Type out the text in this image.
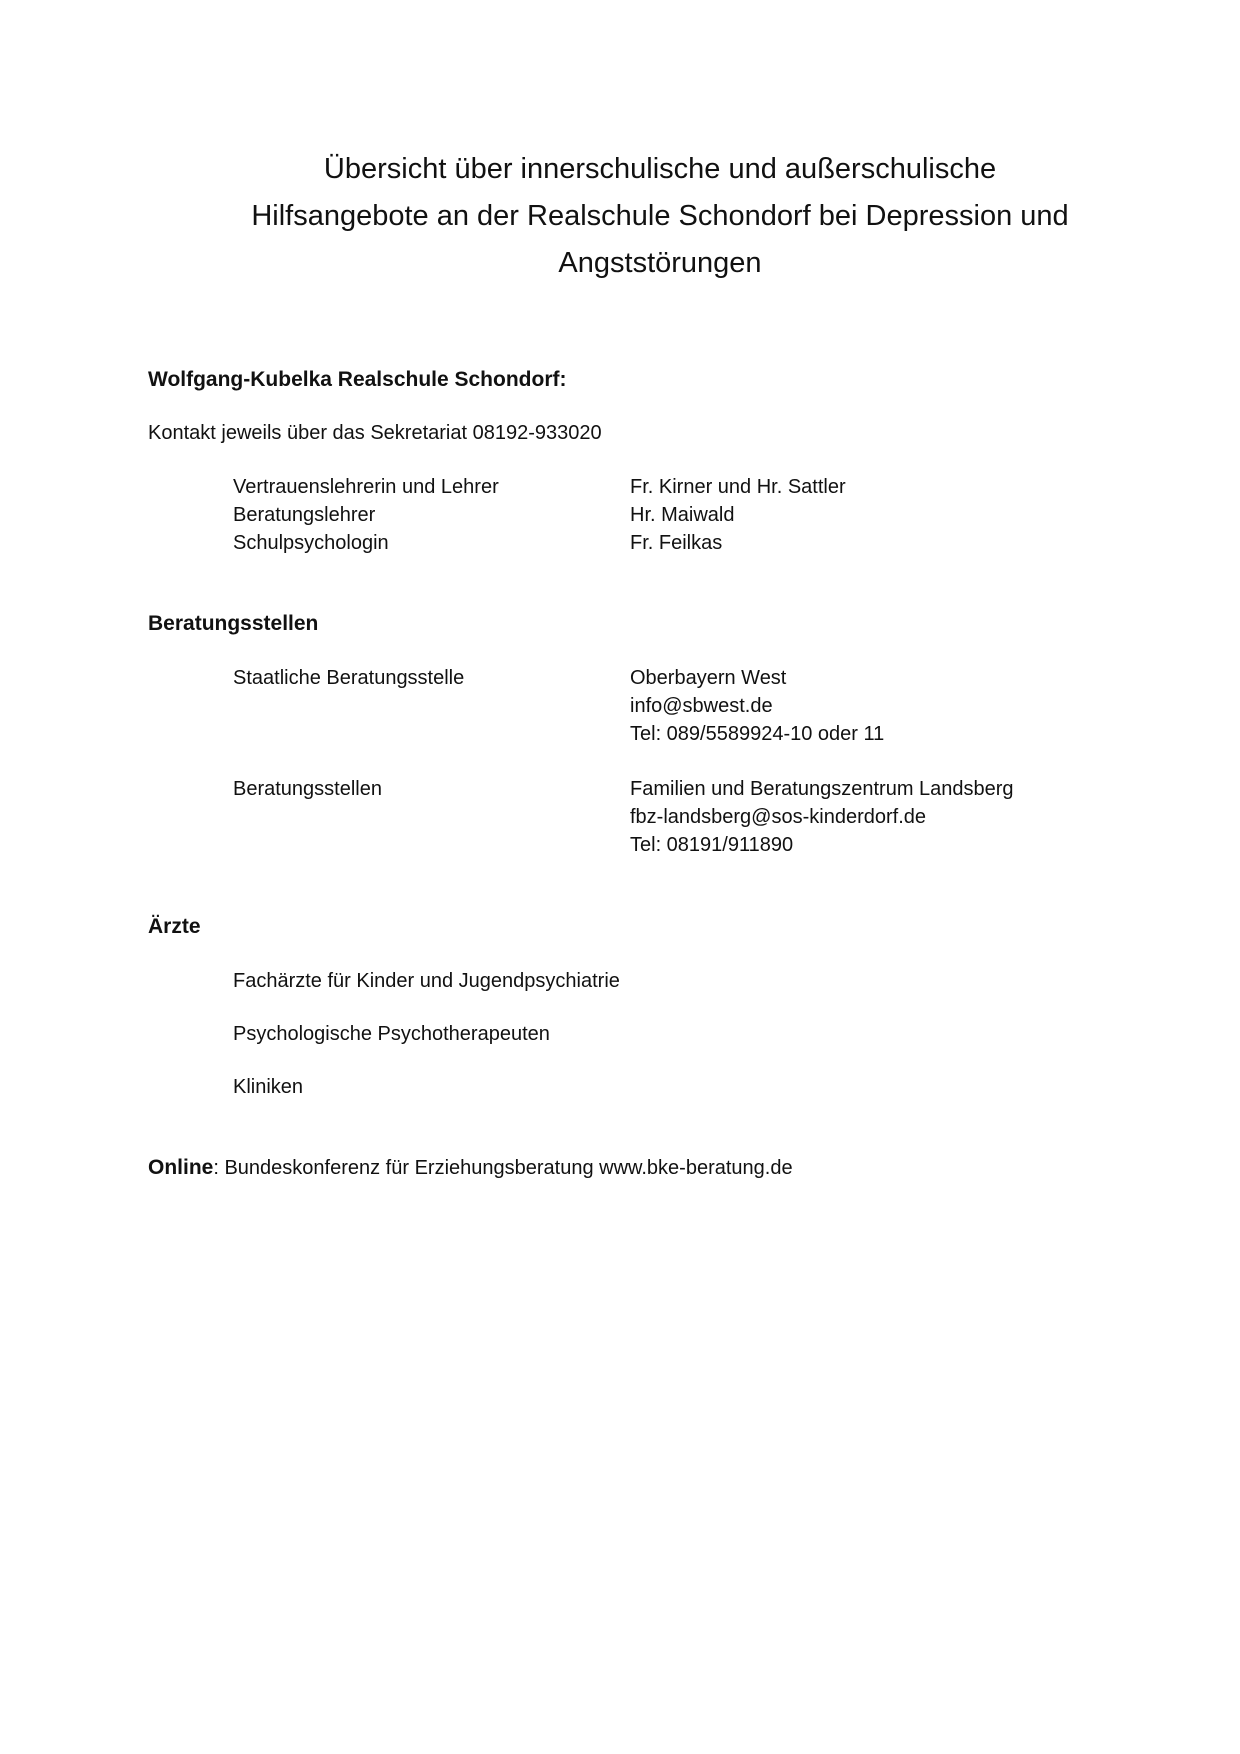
Übersicht über innerschulische und außerschulische
Hilfsangebote an der Realschule Schondorf bei Depression und
Angststörungen
Wolfgang-Kubelka Realschule Schondorf:

Kontakt jeweils über das Sekretariat 08192-933020

Vertrauenslehrerin und Lehrer
Beratungslehrer
Schulpsychologin
Fr. Kirner und Hr. Sattler
Hr. Maiwald
Fr. Feilkas
Beratungsstellen

Staatliche Beratungsstelle	Oberbayern West
info@sbwest.de
Tel: 089/5589924-10 oder 11

Beratungsstellen	Familien und Beratungszentrum Landsberg
fbz-landsberg@sos-kinderdorf.de
Tel: 08191/911890
Ärzte

Fachärzte für Kinder und Jugendpsychiatrie

Psychologische Psychotherapeuten

Kliniken

Online: Bundeskonferenz für Erziehungsberatung www.bke-beratung.de
